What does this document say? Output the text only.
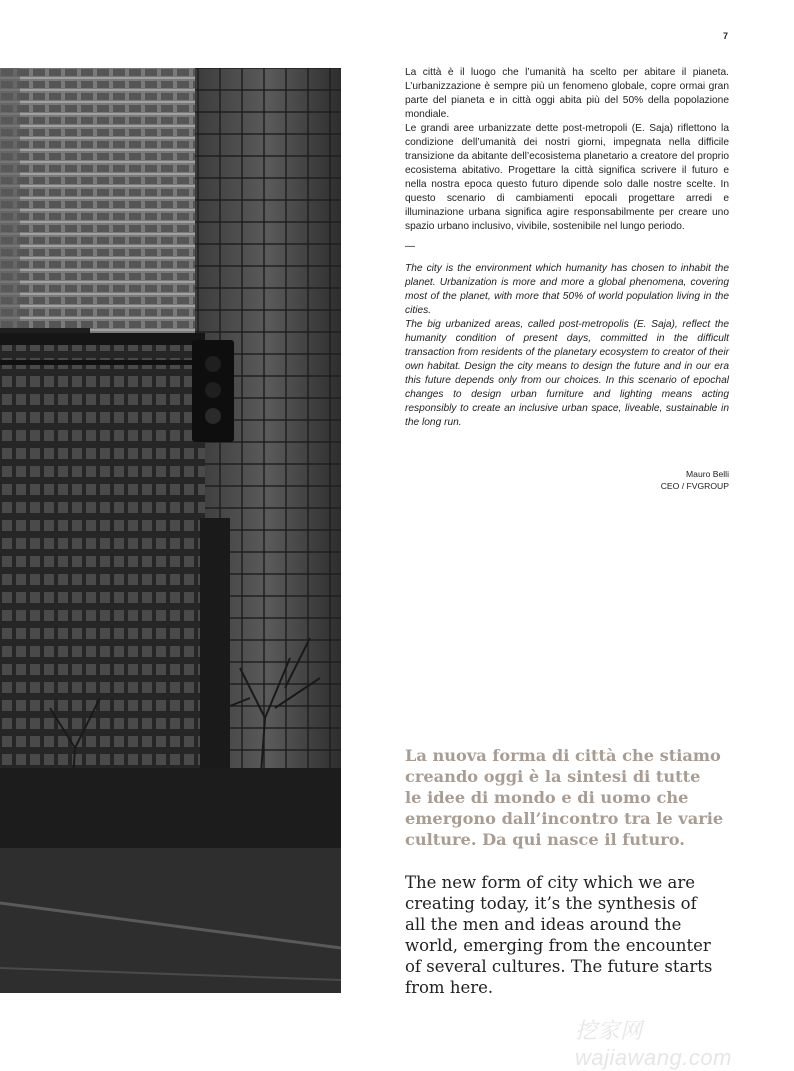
7

La città è il luogo che l’umanità ha scelto per abitare il pianeta. L’urbanizzazione è sempre più un fenomeno globale, copre ormai gran parte del pianeta e in città oggi abita più del 50% della popolazione mondiale.

Le grandi aree urbanizzate dette post-metropoli (E. Saja) riflettono la condizione dell’umanità dei nostri giorni, impegnata nella difficile transizione da abitante dell’ecosistema planetario a creatore del proprio ecosistema abitativo. Progettare la città significa scrivere il futuro e nella nostra epoca questo futuro dipende solo dalle nostre scelte. In questo scenario di cambiamenti epocali progettare arredi e illuminazione urbana significa agire responsabilmente per creare uno spazio urbano inclusivo, vivibile, sostenibile nel lungo periodo.

—

The city is the environment which humanity has chosen to inhabit the planet. Urbanization is more and more a global phenomena, covering most of the planet, with more that 50% of world population living in the cities.

The big urbanized areas, called post-metropolis (E. Saja), reflect the humanity condition of present days, committed in the difficult transaction from residents of the planetary ecosystem to creator of their own habitat. Design the city means to design the future and in our era this future depends only from our choices. In this scenario of epochal changes to design urban furniture and lighting means acting responsibly to create an inclusive urban space, liveable, sustainable in the long run.

Mauro Belli
CEO / FVGROUP
La nuova forma di città che stiamo
creando oggi è la sintesi di tutte
le idee di mondo e di uomo che
emergono dall’incontro tra le varie
culture. Da qui nasce il futuro.
The new form of city which we are
creating today, it’s the synthesis of
all the men and ideas around the
world, emerging from the encounter
of several cultures. The future starts
from here.
挖家网 wajiawang.com
